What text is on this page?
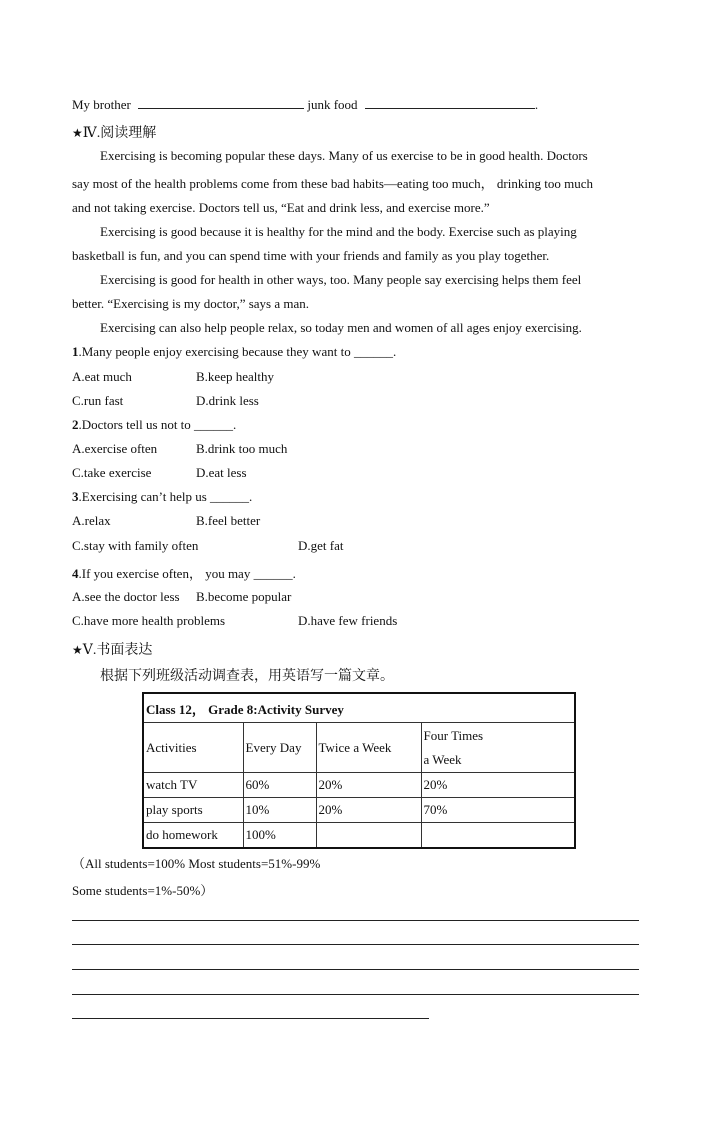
My brother	junk food	.
★Ⅳ.阅读理解
Exercising is becoming popular these days. Many of us exercise to be in good health. Doctors
say most of the health problems come from these bad habits—eating too much， drinking too much
and not taking exercise. Doctors tell us, “Eat and drink less, and exercise more.”
Exercising is good because it is healthy for the mind and the body. Exercise such as playing
basketball is fun, and you can spend time with your friends and family as you play together.
Exercising is good for health in other ways, too. Many people say exercising helps them feel
better. “Exercising is my doctor,” says a man.
Exercising can also help people relax, so today men and women of all ages enjoy exercising.
1.Many people enjoy exercising because they want to ______.
A.eat much	B.keep healthy
C.run fast	D.drink less
2.Doctors tell us not to ______.
A.exercise often	B.drink too much
C.take exercise	D.eat less
3.Exercising can’t help us ______.
A.relax	B.feel better
C.stay with family often	D.get fat
4.If you exercise often， you may ______.
A.see the doctor less B.become popular
C.have more health problems	D.have few friends
★Ⅴ.书面表达
根据下列班级活动调查表，用英语写一篇文章。
Class 12， Grade 8:Activity Survey			
Activities	Every Day	Twice a Week	Four Times
a Week
watch TV	60%	20%	20%
play sports	10%	20%	70%
do homework	100%		
（All students=100% Most students=51%-99%
Some students=1%-50%）
